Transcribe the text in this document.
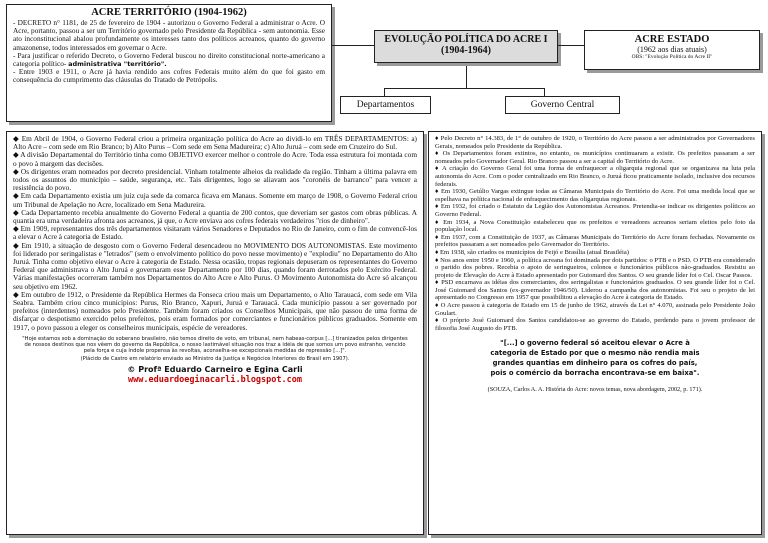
ACRE TERRITÓRIO (1904-1962)

- DECRETO n° 1181, de 25 de fevereiro de 1904 - autorizou o Governo Federal a administrar o Acre. O Acre, portanto, passou a ser um Território governado pelo Presidente da República - sem autonomia. Esse ato inconstitucional abalou profundamente os interesses tanto dos políticos acreanos, quanto do governo amazonense, todos interessados em governar o Acre.

- Para justificar o referido Decreto, o Governo Federal buscou no direito constitucional norte-americano a categoria político- administrativa "território".

- Entre 1903 e 1911, o Acre já havia rendido aos cofres Federais muito além do que foi gasto em consequência do cumprimento das cláusulas do Tratado de Petrópolis.

EVOLUÇÃO POLÍTICA DO ACRE I
(1904-1964)
ACRE ESTADO
(1962 aos dias atuais)
OBS: "Evolução Política do Acre II"
Departamentos	Governo Central

◆ Em Abril de 1904, o Governo Federal criou a primeira organização política do Acre ao dividi-lo em TRÊS DEPARTAMENTOS: a) Alto Acre – com sede em Rio Branco; b) Alto Purus – Com sede em Sena Madureira; c) Alto Juruá – com sede em Cruzeiro do Sul.

◆ A divisão Departamental do Território tinha como OBJETIVO exercer melhor o controle do Acre. Toda essa estrutura foi montada com o povo à margem das decisões.

◆ Os dirigentes eram nomeados por decreto presidencial. Vinham totalmente alheios da realidade da região. Tinham a última palavra em todos os assuntos do município – saúde, segurança, etc. Tais dirigentes, logo se aliavam aos "coronéis de barranco" para vencer a resistência do povo.

◆ Em cada Departamento existia um juiz cuja sede da comarca ficava em Manaus. Somente em março de 1908, o Governo Federal criou um Tribunal de Apelação no Acre, localizado em Sena Madureira.

◆ Cada Departamento recebia anualmente do Governo Federal a quantia de 200 contos, que deveriam ser gastos com obras públicas. A quantia era uma verdadeira afronta aos acreanos, já que, o Acre enviava aos cofres federais verdadeiros "rios de dinheiro".

◆ Em 1909, representantes dos três departamentos visitaram vários Senadores e Deputados no Rio de Janeiro, com o fim de convencê-los a elevar o Acre à categoria de Estado.

◆ Em 1910, a situação de desgosto com o Governo Federal desencadeou no MOVIMENTO DOS AUTONOMISTAS. Este movimento foi liderado por seringalistas e "letrados" (sem o envolvimento político do povo nesse movimento) e "explodiu" no Departamento do Alto Juruá. Tinha como objetivo elevar o Acre à categoria de Estado. Nessa ocasião, tropas regionais depuseram os representantes do Governo Federal que administrava o Alto Juruá e governaram esse Departamento por 100 dias, quando foram derrotados pelo Exército Federal. Várias manifestações ocorreram também nos Departamentos do Alto Acre e Alto Purus. O Movimento Autonomista do Acre só alcançou seu objetivo em 1962.

◆ Em outubro de 1912, o Presidente da República Hermes da Fonseca criou mais um Departamento, o Alto Tarauacá, com sede em Vila Seabra. Também criou cinco municípios: Purus, Rio Branco, Xapuri, Juruá e Tarauacá. Cada município passou a ser governado por prefeitos (interdentes) nomeados pelo Presidente. Também foram criados os Conselhos Municipais, que não passou de uma forma de disfarçar o despotismo exercido pelos prefeitos, pois eram formados por comerciantes e funcionários públicos graduados. Somente em 1917, o povo passou a eleger os conselheiros municipais, espécie de vereadores.

"Hoje estamos sob a dominação do soberano brasileiro, não temos direito de voto, em tribunal, nem habeas-corpus [...] tiranizados pelos dirigentes de nossos destinos que nos vêem do governo da República, o nosso lastimável situação nos traz a idéia de que somos um povo estranho, vencido pela força e cuja índole propensa às revoltas, aconselha-se excepcionais medidas de repressão [...]".
(Plácido de Castro em relatório enviado ao Ministro da Justiça e Negócios Interiores do Brasil em 1907).
© Profª Eduardo Carneiro e Egina Carli
www.eduardoeginacarli.blogspot.com

♦ Pelo Decreto n° 14.383, de 1° de outubro de 1920, o Território do Acre passou a ser administrados por Governadores Gerais, nomeados pelo Presidente da República.

♦ Os Departamentos foram extintos, no entanto, os municípios continuaram a existir. Os prefeitos passaram a ser nomeados pelo Governador Geral. Rio Branco passou a ser a capital do Território do Acre.

♦ A criação do Governo Geral foi uma forma de enfraquecer a oligarquia regional que se organizava na luta pela autonomia do Acre. Com o poder centralizado em Rio Branco, o Juruá ficou praticamente isolado, inclusive dos recursos federais.

♦ Em 1930, Getúlio Vargas extingue todas as Câmaras Municipais do Território do Acre. Foi uma medida local que se espelhava na política nacional de enfraquecimento das oligarquias regionais.

♦ Em 1932, foi criado o Estatuto da Legião dos Autonomistas Acreanos. Pretendia-se indicar os dirigentes políticos ao Governo Federal.

♦ Em 1934, a Nova Constituição estabeleceu que os prefeitos e vereadores acreanos seriam eleitos pelo foto da população local.

♦ Em 1937, com a Constituição de 1937, as Câmaras Municipais do Território do Acre foram fechadas. Novamente os prefeitos passaram a ser nomeados pelo Governador do Território.

♦ Em 1938, são criados os municípios de Feijó e Brasília (atual Brasiléia)

♦ Nos anos entre 1950 e 1960, a política acreana foi dominada por dois partidos: o PTB e o PSD. O PTB era considerado o partido dos pobres. Recebia o apoio de seringueiros, colonos e funcionários públicos não-graduados. Resistiu ao projeto de Elevação do Acre à Estado apresentado por Guiomard dos Santos. O seu grande líder foi o Cel. Oscar Passos.

♦ PSD encarnava as idéias dos comerciantes, dos seringalistas e funcionários graduados. O seu grande líder foi o Cel. José Guiomard dos Santos (ex-governador 1946/50). Liderou a campanha dos autonomistas. Foi seu o projeto de lei apresentado no Congresso em 1957 que possibilitou a elevação do Acre à categoria de Estado.

♦ O Acre passou à categoria de Estado em 15 de junho de 1962, através da Lei n° 4.070, assinada pelo Presidente João Goulart.

♦ O próprio José Guiomard dos Santos candidatou-se ao governo do Estado, perdendo para o jovem professor de filosofia José Augusto do PTB.

"[...] o governo federal só aceitou elevar o Acre à
categoria de Estado por que o mesmo não rendia mais
grandes quantias em dinheiro para os cofres do país,
pois o comércio da borracha encontrava-se em baixa".
(SOUZA, Carlos A. A. História do Acre: novos temas, nova abordagem, 2002, p. 171).
